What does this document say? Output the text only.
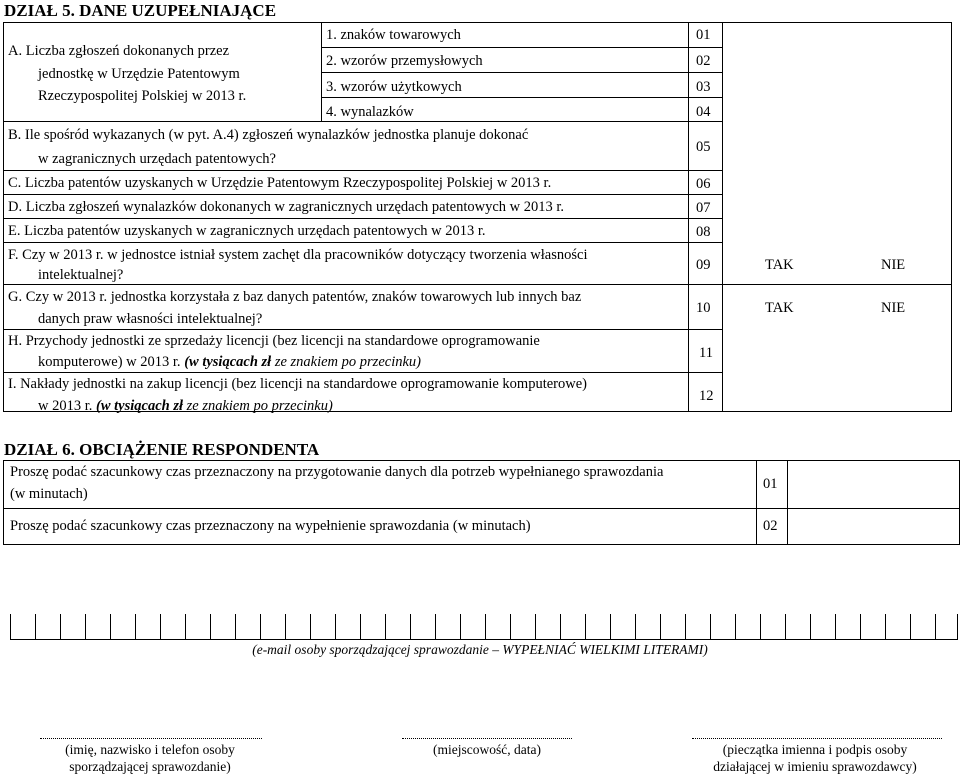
DZIAŁ 5. DANE UZUPEŁNIAJĄCE
A. Liczba zgłoszeń dokonanych przez
jednostkę w Urzędzie Patentowym
Rzeczypospolitej Polskiej w 2013 r.
1. znaków towarowych	01
2. wzorów przemysłowych	02
3. wzorów użytkowych	03
4. wynalazków	04
B. Ile spośród wykazanych (w pyt. A.4) zgłoszeń wynalazków jednostka planuje dokonać
w zagranicznych urzędach patentowych?
05
C. Liczba patentów uzyskanych w Urzędzie Patentowym Rzeczypospolitej Polskiej w 2013 r.	06
D. Liczba zgłoszeń wynalazków dokonanych w zagranicznych urzędach patentowych w 2013 r.	07
E. Liczba patentów uzyskanych w zagranicznych urzędach patentowych w 2013 r.	08
F. Czy w 2013 r. w jednostce istniał system zachęt dla pracowników dotyczący tworzenia własności
intelektualnej?
09	TAK	NIE
G. Czy w 2013 r. jednostka korzystała z baz danych patentów, znaków towarowych lub innych baz
danych praw własności intelektualnej?
10	TAK	NIE
H. Przychody jednostki ze sprzedaży licencji (bez licencji na standardowe oprogramowanie
komputerowe) w 2013 r. (w tysiącach zł ze znakiem po przecinku)
11
I. Nakłady jednostki na zakup licencji (bez licencji na standardowe oprogramowanie komputerowe)
w 2013 r. (w tysiącach zł ze znakiem po przecinku)
12
DZIAŁ 6. OBCIĄŻENIE RESPONDENTA
Proszę podać szacunkowy czas przeznaczony na przygotowanie danych dla potrzeb wypełnianego sprawozdania
(w minutach)
01
Proszę podać szacunkowy czas przeznaczony na wypełnienie sprawozdania (w minutach)	02
(e-mail osoby sporządzającej sprawozdanie – WYPEŁNIAĆ WIELKIMI LITERAMI)
(imię, nazwisko i telefon osoby
sporządzającej sprawozdanie)
(miejscowość, data)	(pieczątka imienna i podpis osoby
działającej w imieniu sprawozdawcy)
